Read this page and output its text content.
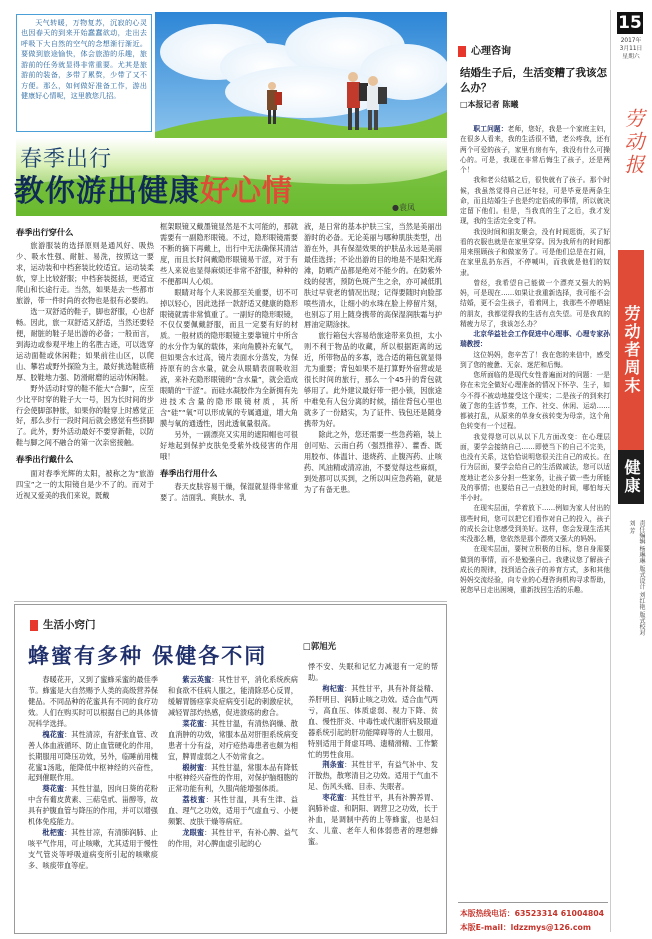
天气转暖，万物复苏，沉寂的心灵也因春天的到来开始蠢蠢欲动，走出去呼吸下大自然的空气的念想渐行渐近。要做到旅途愉快，体会旅游的乐趣，旅游前的任务就显得非常重要。尤其是旅游前的装备，多带了累赘，少带了又不方便。那么，如何做好准备工作，游出健康好心情呢，这里教您几招。

春季出行
教你游出健康好心情	●袁凤
春季出行穿什么

旅游服装的选择原则是通风好、吸热少、吸水性强、耐脏、易洗，按照这一要求，运动装和中档套装比较适宜。运动装柔软，穿上比较舒服；中档套装挺括，更适宜爬山和长途行走。当然，如果是去一些都市旅游，带一件时尚的衣物也是很有必要的。

选一双舒适的鞋子，脚也舒服，心也舒畅。因此，旅一双舒适又舒适，当然还要轻便，耐脏的鞋子是出游的必备；一般而言，到海边或参观平地上的名胜古迹，可以选穿运动面鞋或休闲鞋；如果前往山区，以爬山、攀岩或野外探险为主，最好挑选鞋底稍厚、胶鞋地力强、防滑耐磨的运动休闲鞋。

野外活动时穿的鞋不能大“合脚”，应至少比平时穿的鞋子大一号，因为长时间的步行会使脚部肿胀，如果你的鞋穿上时感觉正好，那么步行一段时间后就会感觉有些挤脚了。此外，野外活动最好不要穿新鞋，以防鞋与脚之间不融合的第一次亲密接触。

春季出行戴什么

面对春季光辉的太阳，被称之为“旅游四宝”之一的太阳镜自是少不了的。而对于近视又爱美的我们来说，既戴

框架眼镜又戴墨镜显然是不太可能的，那就需要有一副隐形眼镜。不过，隐形眼镜需要不断的摘下再戴上，出行中无法确保其清洁度，而且长时间戴隐形眼镜易干涩，对于有些人来说也显得麻烦还非常不舒服，种种的不便都叫人心烦。

眼睛对每个人来说都至关重要，切不可掉以轻心，因此选择一款舒适又健康的隐形眼镜就需非常慎重了。一副好的隐形眼镜，不仅仅要佩戴舒服，而且一定要有好的材质。一般材质的隐形眼镜主要靠镜片中所含的水分作为氧的载体，来向角膜补充氧气，但如果含水过高，镜片表面水分蒸发，为保持原有的含水量，就会从眼睛表面吸收泪液，来补充隐形眼镜的“含水量”，就会造成眼睛的“干涩”。而硅水凝胶作为全新拥有先进技术含量的隐形眼镜材质，其所含“硅”“氧”可以形成氧的专属通道，增大角膜与氧的通透性，因此透氧量很高。

另外，一副漂亮又实用的遮阳帽也可很好地起到保护皮肤免受紫外线侵害的作用哦！

春季出行用什么

春天皮肤容易干燥，保湿就显得非常重要了。洁面乳、爽肤水、乳

液，是日常的基本护肤三宝，当然是美丽出游时的必备。无论美丽与哪种肌肤类型，出游在外，具有保湿效果的护肤品永远是美丽最佳选择；不论出游的目的地是不是阳光海滩，防晒产品都是绝对不能少的。在防紫外线的侵害，预防色斑产生之余，亦可减低肌肤过早衰老的情况出现；记得要随时向脸部喷些清水，让细小的水珠在脸上停留片刻，也别忘了用上随身携带的高保湿润肤霜与护唇油定期涂抹。

旅行箱包大容易给旅途带来负担，太小则不利于物品的收藏，所以根据距离的远近，所带物品的多寡，选合适的箱包就显得尤为重要；背包如果不是打算野外宿营或是很长时间的旅行，那么一个45升的背包就够用了。此外建议最好带一把小锁，因旅途中难免有人包分离的时候，插住背包心里也就多了一份踏实，为了证件、钱包还是随身携带为好。

除此之外，您还需要一些急药箱，装上创可贴、云南白药（强烈推荐）、藿香、既用胶布、体温计、退烧药、止腹泻药、止咳药、风油精或清凉油，不要觉得这些麻烦，到处都可以买到，之所以叫应急药箱，就是为了有备无患。

生活小窍门
蜂蜜有多种 保健各不同	□郭旭光

春暖花开，又到了蜜蜂采蜜的最佳季节。蜂蜜是大自然赐予人类的高级营养保健品。不同品种的花蜜具有不同的食疗功效。人们在购买时可以根据自己的具体情况科学选择。

槐花蜜：其性清凉，有舒张血管、改善人体血液循环、防止血管硬化的作用，长期服用可降压功效，另外，临睡前用槐花蜜1汤匙，能降低中枢神经的兴奋性，起到催眠作用。

葵花蜜：其性甘温，因向日葵的花粉中含有葡皮黄素、三萜皂甙、甾醇等，故具有护腹血管与降压的作用，并可以增强机体免疫能力。

枇杷蜜：其性甘凉，有清肺润肺、止咳平气作用，可止咳嗽，尤其适用于慢性支气管炎等呼吸道病变所引起的咳嗽痰多、咳痰带血等症。

紫云英蜜：其性甘平，消化系统疾病和食欲不佳病人服之，能清除恶心反胃，缓解胃肠痉挛炎症病变引起的刺激症状，减轻胃部灼热感，促进溃疡的愈合。

菜花蜜：其性甘温，有清热润燥、散血消肿的功效，常服本品对肝胆系统病变患者十分有益，对疔疮热毒患者也颇为相宜，脾胃虚弱之人不妨常食之。

椴树蜜：其性甘温，常服本品有降低中枢神经兴奋性的作用，对保护脑细胞的正常功能有利，久服尚能增强体质。

荔枝蜜：其性甘温，具有生津、益血、理气之功效，适用于气虚血亏、小便频繁、皮肤干燥等病症。

龙眼蜜：其性甘平，有补心脾、益气的作用，对心脾血虚引起的心

悸不安、失眠和记忆力减退有一定的帮助。

枸杞蜜：其性甘平，具有补肾益精、养肝明目、润肺止咳之功效。适合血气两亏，高血压、体质虚弱、视力下降、贫血、慢性肝炎、中毒性或代谢肝病及眼道器系统引起的肝功能障碍等的人士服用，特别适用于肾虚耳鸣、遗精滑精、工作繁忙的男性食用。

荆条蜜：其性甘平，有益气补中、发汗散热，散寒清目之功效。适用于气血不足、伤风头痛、目赤、失眠者。

枣花蜜：其性甘平，具有补脾养胃、润肺补虚、和阴阳、调营卫之功效，长于补血，是调制中药的上等蜂蜜，也是妇女、儿童、老年人和体弱患者的理想蜂蜜。

15
2017年
3月11日
星期六
劳动报
劳动者周末
健康
责任编辑 杨琳琳 版式设计 刘红艳 版式校对 刘 芳
心理咨询
结婚生子后，生活变糟了我该怎么办？
□本报记者 陈曦

职工问题：老师，您好，我是一个家庭主妇，在很多人看来，我的生活很不错，老公疼我，还有两个可爱的孩子，家里有房有车，我没有什么可操心的。可是，我现在非常后悔生了孩子，还是两个！

我和老公结婚之后，很快就有了孩子。那个时候，我虽然觉得自己还年轻，可是毕竟是两条生命，而且结婚生子也是约定俗成的事情，所以就决定留下他们。但是，当我真的生了之后，我才发现，我的生活完全变了样。

我没时间和朋友聚会，没有时间逛街，买了好看的衣服也就是在家里穿穿。因为我所有的时间都用来照顾孩子和做家务了。可是他们总是在打闹，在家里乱扔东西，不停喊叫，而我就是他们的奴隶。

曾经，我希望自己能做一个漂亮又强大的妈妈，可是现在……如果让我重新选择，我可能不会结婚，更不会生孩子，看着网上，我那些不停晒娃的朋友，我都觉得我的生活有点失望。可是我真的精疲力尽了，我该怎么办？

北京华益社会工作促进中心理事、心理专家孙瑞教授：

这位妈妈，您辛苦了！我在您的来信中，感受到了您的疲惫、无奈、迷茫和后悔。

您所面临的是现代女性普遍面对的问题：一是你在未完全做好心理准备的情况下怀孕、生子，如今不得不被动地接受这个现实；二是孩子的到来打破了您的生活节奏，工作、社交、休闲、运动……都被打乱，从原来的单身女孩转变为母亲，这个角色转变有一个过程。

我觉得您可以从以下几方面改变：在心理层面，要学会接纳自己……即使当下的自己不完美，也没有关系，这恰恰说明您很关注自己的成长。在行为层面，要学会给自己的生活做减法，您可以适度地让老公多分担一些家务，让孩子做一些力所能及的事情；也要给自己一点独处的时间，哪怕每天半小时。

在现实层面，学着放下……例如为家人付出的那些时间，您可以把它们看作对自己的投入，孩子的成长会让您感受到美好。这样，您会发现生活其实没那么糟，您依然是那个漂亮又强大的妈妈。

在现实层面，要树立积极的目标，您自身需要做到的事情，而不是勉强自己。我建议您了解孩子成长的规律，找到适合孩子的养育方式，多和其他妈妈交流经验，向专业的心理咨询机构寻求帮助，祝您早日走出困境，重新找回生活的乐趣。

本版热线电话：63523314 61004804
本版E-mail：ldzzmys@126.com
